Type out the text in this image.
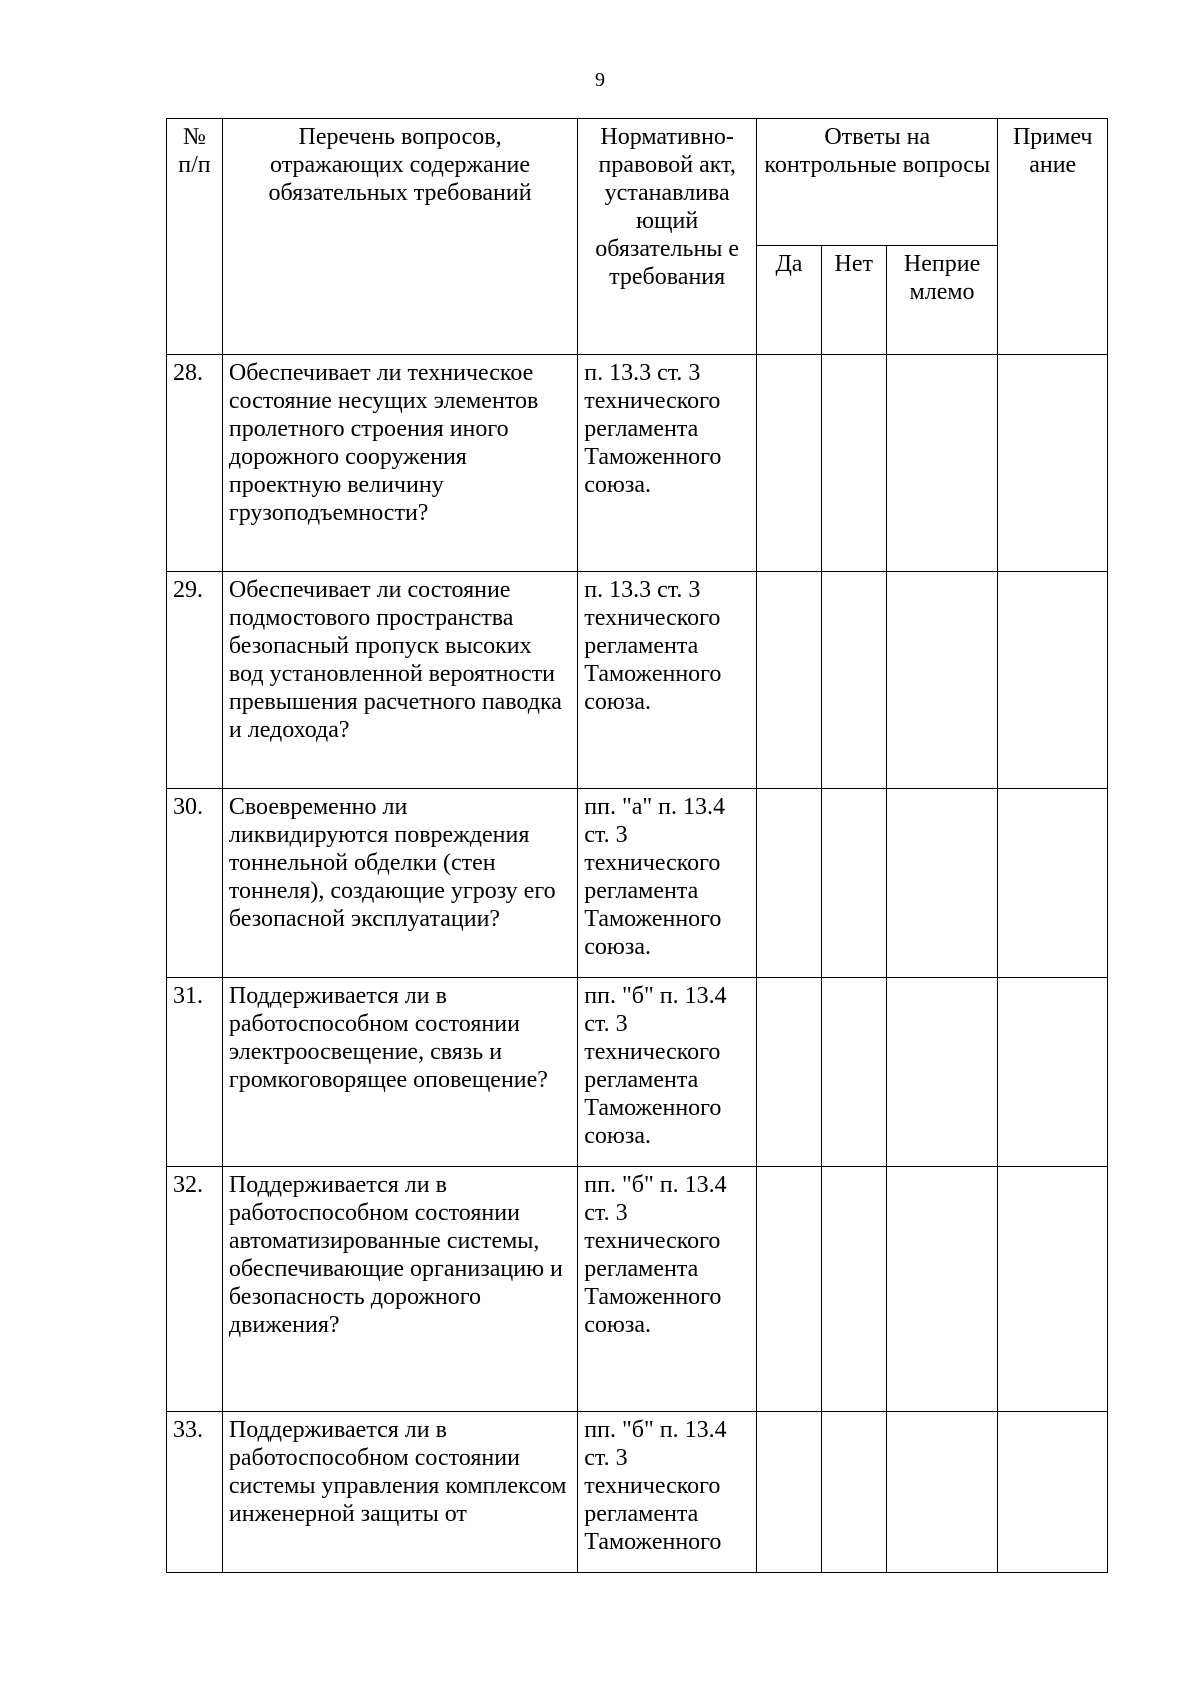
9
№ п/п	Перечень вопросов, отражающих содержание обязательных требований	Нормативно-правовой акт, устанавлива ющий обязательны е требования	Ответы на контрольные вопросы			Примеч ание
			Да	Нет	Неприе млемо	
28.	Обеспечивает ли техническое состояние несущих элементов пролетного строения иного дорожного сооружения проектную величину грузоподъемности?	п. 13.3 ст. 3 технического регламента Таможенного союза.				
29.	Обеспечивает ли состояние подмостового пространства безопасный пропуск высоких вод установленной вероятности превышения расчетного паводка и ледохода?	п. 13.3 ст. 3 технического регламента Таможенного союза.				
30.	Своевременно ли ликвидируются повреждения тоннельной обделки (стен тоннеля), создающие угрозу его безопасной эксплуатации?	пп. "а" п. 13.4 ст. 3 технического регламента Таможенного союза.				
31.	Поддерживается ли в работоспособном состоянии электроосвещение, связь и громкоговорящее оповещение?	пп. "б" п. 13.4 ст. 3 технического регламента Таможенного союза.				
32.	Поддерживается ли в работоспособном состоянии автоматизированные системы, обеспечивающие организацию и безопасность дорожного движения?	пп. "б" п. 13.4 ст. 3 технического регламента Таможенного союза.				
33.	Поддерживается ли в работоспособном состоянии системы управления комплексом инженерной защиты от	пп. "б" п. 13.4 ст. 3 технического регламента Таможенного				
